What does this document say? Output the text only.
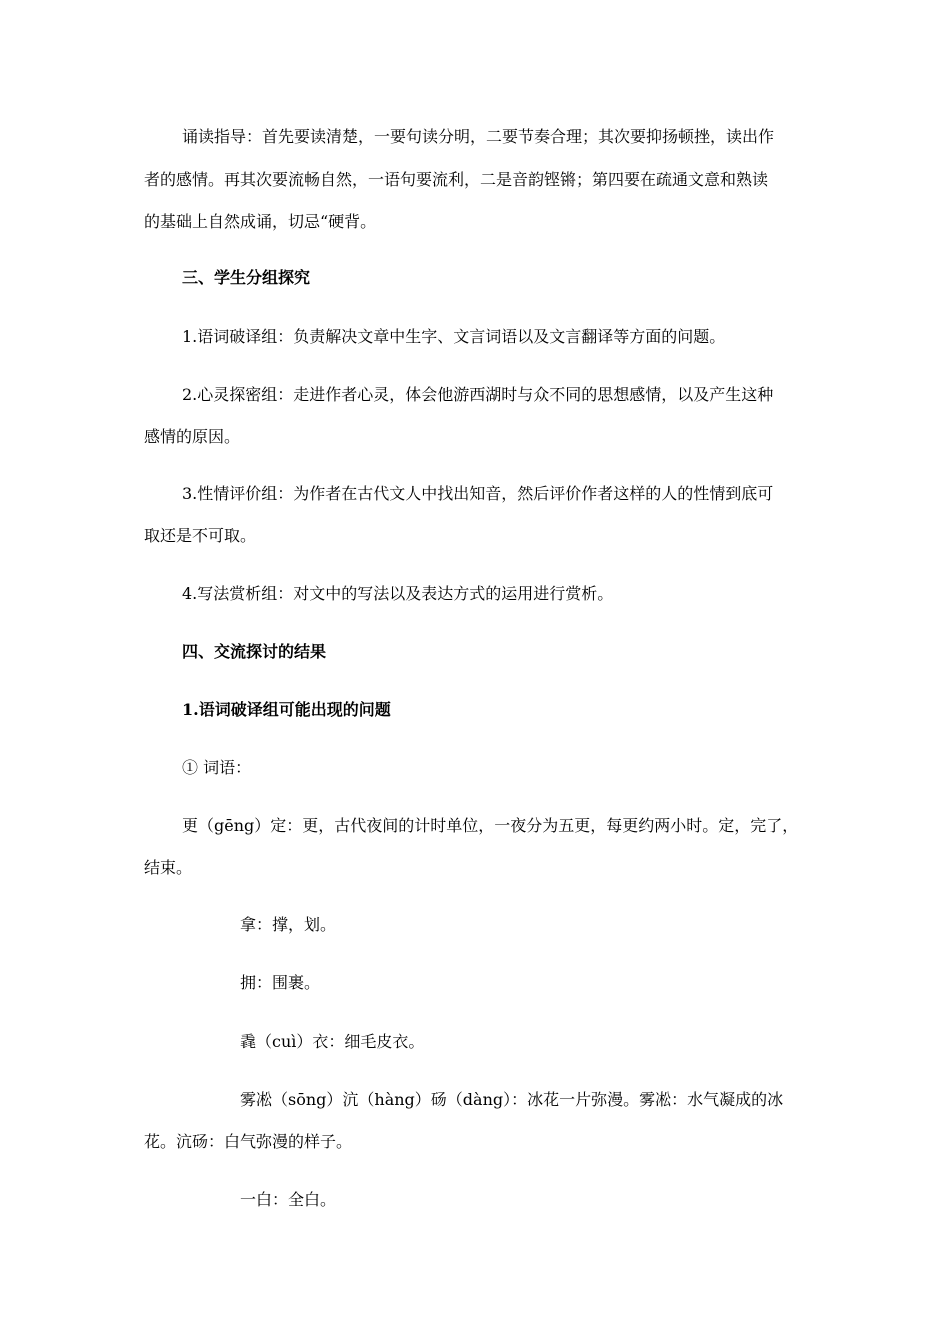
诵读指导：首先要读清楚，一要句读分明，二要节奏合理；其次要抑扬顿挫，读出作
者的感情。再其次要流畅自然，一语句要流利，二是音韵铿锵；第四要在疏通文意和熟读
的基础上自然成诵，切忌“硬背。
三、学生分组探究
1.语词破译组：负责解决文章中生字、文言词语以及文言翻译等方面的问题。
2.心灵探密组：走进作者心灵，体会他游西湖时与众不同的思想感情，以及产生这种
感情的原因。
3.性情评价组：为作者在古代文人中找出知音，然后评价作者这样的人的性情到底可
取还是不可取。
4.写法赏析组：对文中的写法以及表达方式的运用进行赏析。
四、交流探讨的结果
1.语词破译组可能出现的问题
① 词语：
更（gēng）定：更，古代夜间的计时单位，一夜分为五更，每更约两小时。定，完了，
结束。
拿：撑，划。
拥：围裹。
毳（cuì）衣：细毛皮衣。
雾凇（sōng）沆（hàng）砀（dàng）：冰花一片弥漫。雾凇：水气凝成的冰
花。沆砀：白气弥漫的样子。
一白：全白。
